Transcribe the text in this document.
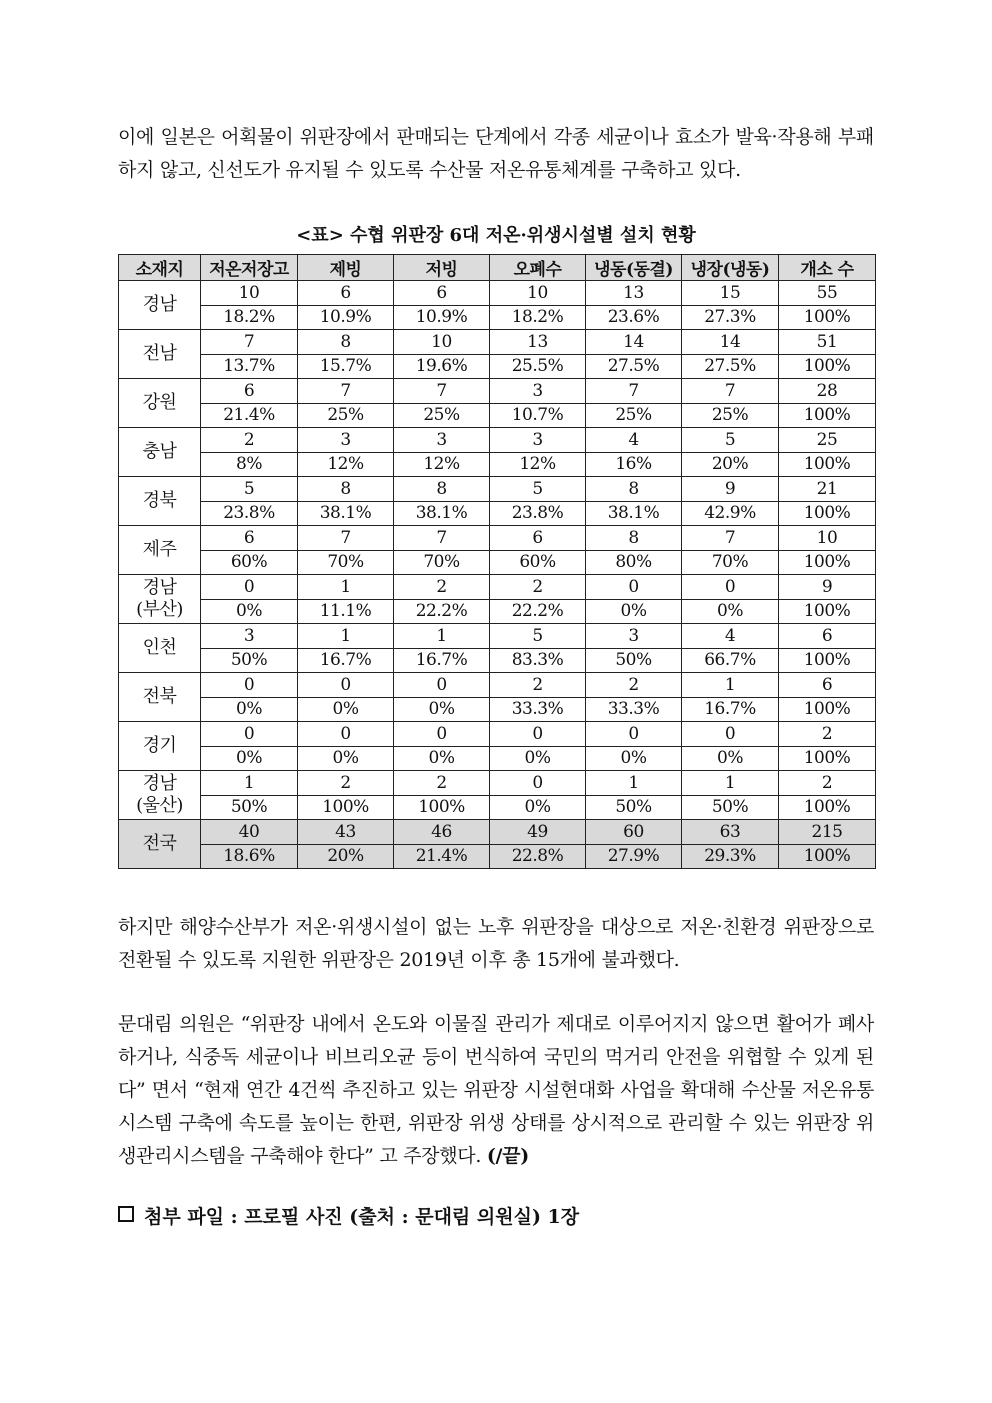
이에 일본은 어획물이 위판장에서 판매되는 단계에서 각종 세균이나 효소가 발육·작용해 부패하지 않고, 신선도가 유지될 수 있도록 수산물 저온유통체계를 구축하고 있다.

<표> 수협 위판장 6대 저온·위생시설별 설치 현황

소재지	저온저장고	제빙	저빙	오폐수	냉동(동결)	냉장(냉동)	개소 수
경남	10	6	6	10	13	15	55
	18.2%	10.9%	10.9%	18.2%	23.6%	27.3%	100%
전남	7	8	10	13	14	14	51
	13.7%	15.7%	19.6%	25.5%	27.5%	27.5%	100%
강원	6	7	7	3	7	7	28
	21.4%	25%	25%	10.7%	25%	25%	100%
충남	2	3	3	3	4	5	25
	8%	12%	12%	12%	16%	20%	100%
경북	5	8	8	5	8	9	21
	23.8%	38.1%	38.1%	23.8%	38.1%	42.9%	100%
제주	6	7	7	6	8	7	10
	60%	70%	70%	60%	80%	70%	100%
경남
(부산)	0	1	2	2	0	0	9
	0%	11.1%	22.2%	22.2%	0%	0%	100%
인천	3	1	1	5	3	4	6
	50%	16.7%	16.7%	83.3%	50%	66.7%	100%
전북	0	0	0	2	2	1	6
	0%	0%	0%	33.3%	33.3%	16.7%	100%
경기	0	0	0	0	0	0	2
	0%	0%	0%	0%	0%	0%	100%
경남
(울산)	1	2	2	0	1	1	2
	50%	100%	100%	0%	50%	50%	100%
전국	40	43	46	49	60	63	215
	18.6%	20%	21.4%	22.8%	27.9%	29.3%	100%

하지만 해양수산부가 저온·위생시설이 없는 노후 위판장을 대상으로 저온·친환경 위판장으로 전환될 수 있도록 지원한 위판장은 2019년 이후 총 15개에 불과했다.

문대림 의원은 “위판장 내에서 온도와 이물질 관리가 제대로 이루어지지 않으면 활어가 폐사하거나, 식중독 세균이나 비브리오균 등이 번식하여 국민의 먹거리 안전을 위협할 수 있게 된다” 면서 “현재 연간 4건씩 추진하고 있는 위판장 시설현대화 사업을 확대해 수산물 저온유통시스템 구축에 속도를 높이는 한편, 위판장 위생 상태를 상시적으로 관리할 수 있는 위판장 위생관리시스템을 구축해야 한다” 고 주장했다. (/끝)

첨부 파일 : 프로필 사진 (출처 : 문대림 의원실) 1장
